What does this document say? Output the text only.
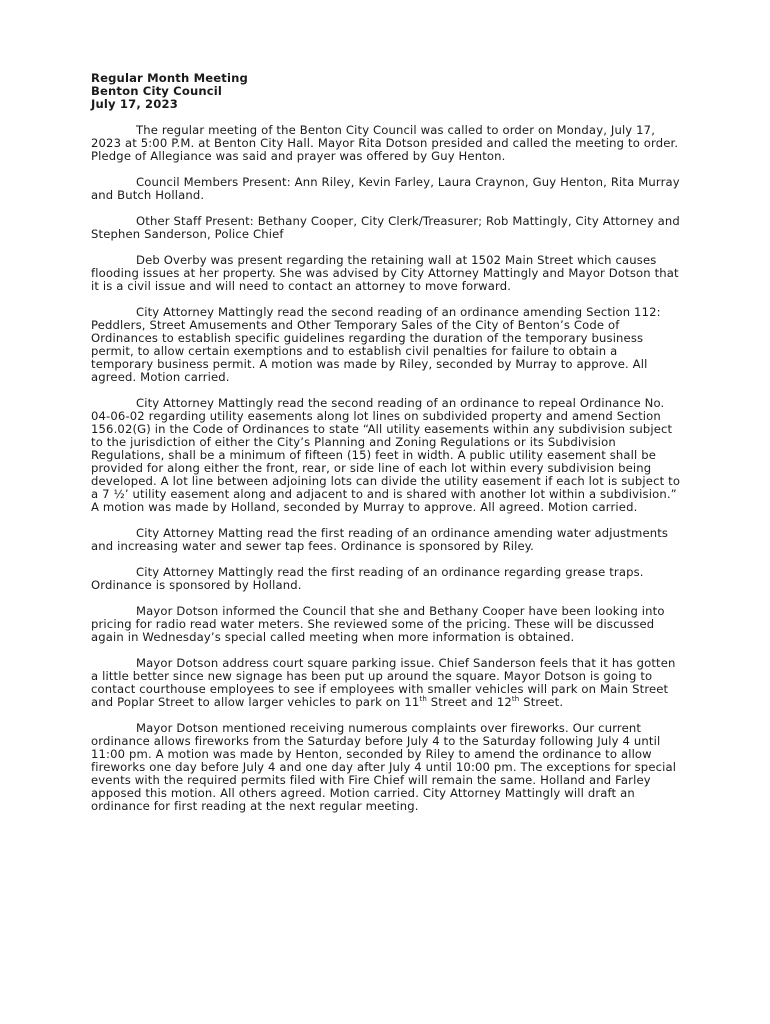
Regular Month Meeting

Benton City Council

July 17, 2023

The regular meeting of the Benton City Council was called to order on Monday, July 17, 2023 at 5:00 P.M. at Benton City Hall. Mayor Rita Dotson presided and called the meeting to order. Pledge of Allegiance was said and prayer was offered by Guy Henton.

Council Members Present: Ann Riley, Kevin Farley, Laura Craynon, Guy Henton, Rita Murray and Butch Holland.

Other Staff Present: Bethany Cooper, City Clerk/Treasurer; Rob Mattingly, City Attorney and Stephen Sanderson, Police Chief

Deb Overby was present regarding the retaining wall at 1502 Main Street which causes flooding issues at her property. She was advised by City Attorney Mattingly and Mayor Dotson that it is a civil issue and will need to contact an attorney to move forward.

City Attorney Mattingly read the second reading of an ordinance amending Section 112: Peddlers, Street Amusements and Other Temporary Sales of the City of Benton’s Code of Ordinances to establish specific guidelines regarding the duration of the temporary business permit, to allow certain exemptions and to establish civil penalties for failure to obtain a temporary business permit. A motion was made by Riley, seconded by Murray to approve. All agreed. Motion carried.

City Attorney Mattingly read the second reading of an ordinance to repeal Ordinance No. 04-06-02 regarding utility easements along lot lines on subdivided property and amend Section 156.02(G) in the Code of Ordinances to state “All utility easements within any subdivision subject to the jurisdiction of either the City’s Planning and Zoning Regulations or its Subdivision Regulations, shall be a minimum of fifteen (15) feet in width. A public utility easement shall be provided for along either the front, rear, or side line of each lot within every subdivision being developed. A lot line between adjoining lots can divide the utility easement if each lot is subject to a 7 ½’ utility easement along and adjacent to and is shared with another lot within a subdivision.” A motion was made by Holland, seconded by Murray to approve. All agreed. Motion carried.

City Attorney Matting read the first reading of an ordinance amending water adjustments and increasing water and sewer tap fees. Ordinance is sponsored by Riley.

City Attorney Mattingly read the first reading of an ordinance regarding grease traps. Ordinance is sponsored by Holland.

Mayor Dotson informed the Council that she and Bethany Cooper have been looking into pricing for radio read water meters. She reviewed some of the pricing. These will be discussed again in Wednesday’s special called meeting when more information is obtained.

Mayor Dotson address court square parking issue. Chief Sanderson feels that it has gotten a little better since new signage has been put up around the square. Mayor Dotson is going to contact courthouse employees to see if employees with smaller vehicles will park on Main Street and Poplar Street to allow larger vehicles to park on 11th Street and 12th Street.

Mayor Dotson mentioned receiving numerous complaints over fireworks. Our current ordinance allows fireworks from the Saturday before July 4 to the Saturday following July 4 until 11:00 pm. A motion was made by Henton, seconded by Riley to amend the ordinance to allow fireworks one day before July 4 and one day after July 4 until 10:00 pm. The exceptions for special events with the required permits filed with Fire Chief will remain the same. Holland and Farley apposed this motion. All others agreed. Motion carried. City Attorney Mattingly will draft an ordinance for first reading at the next regular meeting.
